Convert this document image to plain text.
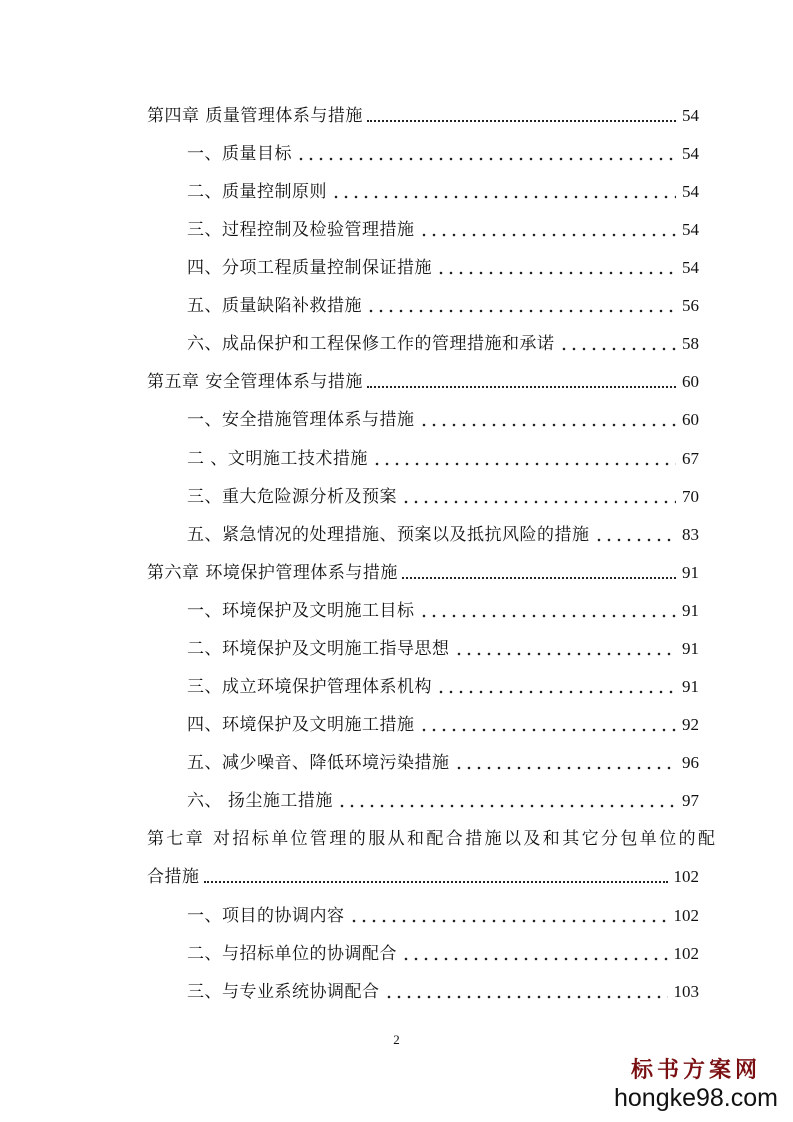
第四章 质量管理体系与措施	54
一、质量目标	54
二、质量控制原则	54
三、过程控制及检验管理措施	54
四、分项工程质量控制保证措施	54
五、质量缺陷补救措施	56
六、成品保护和工程保修工作的管理措施和承诺	58
第五章 安全管理体系与措施	60
一、安全措施管理体系与措施	60
二 、文明施工技术措施	67
三、重大危险源分析及预案	70
五、紧急情况的处理措施、预案以及抵抗风险的措施	83
第六章 环境保护管理体系与措施	91
一、环境保护及文明施工目标	91
二、环境保护及文明施工指导思想	91
三、成立环境保护管理体系机构	91
四、环境保护及文明施工措施	92
五、减少噪音、降低环境污染措施	96
六、 扬尘施工措施	97
第七章 对招标单位管理的服从和配合措施以及和其它分包单位的配
合措施	102
一、项目的协调内容	102
二、与招标单位的协调配合	102
三、与专业系统协调配合	103
2
标书方案网
hongke98.com
